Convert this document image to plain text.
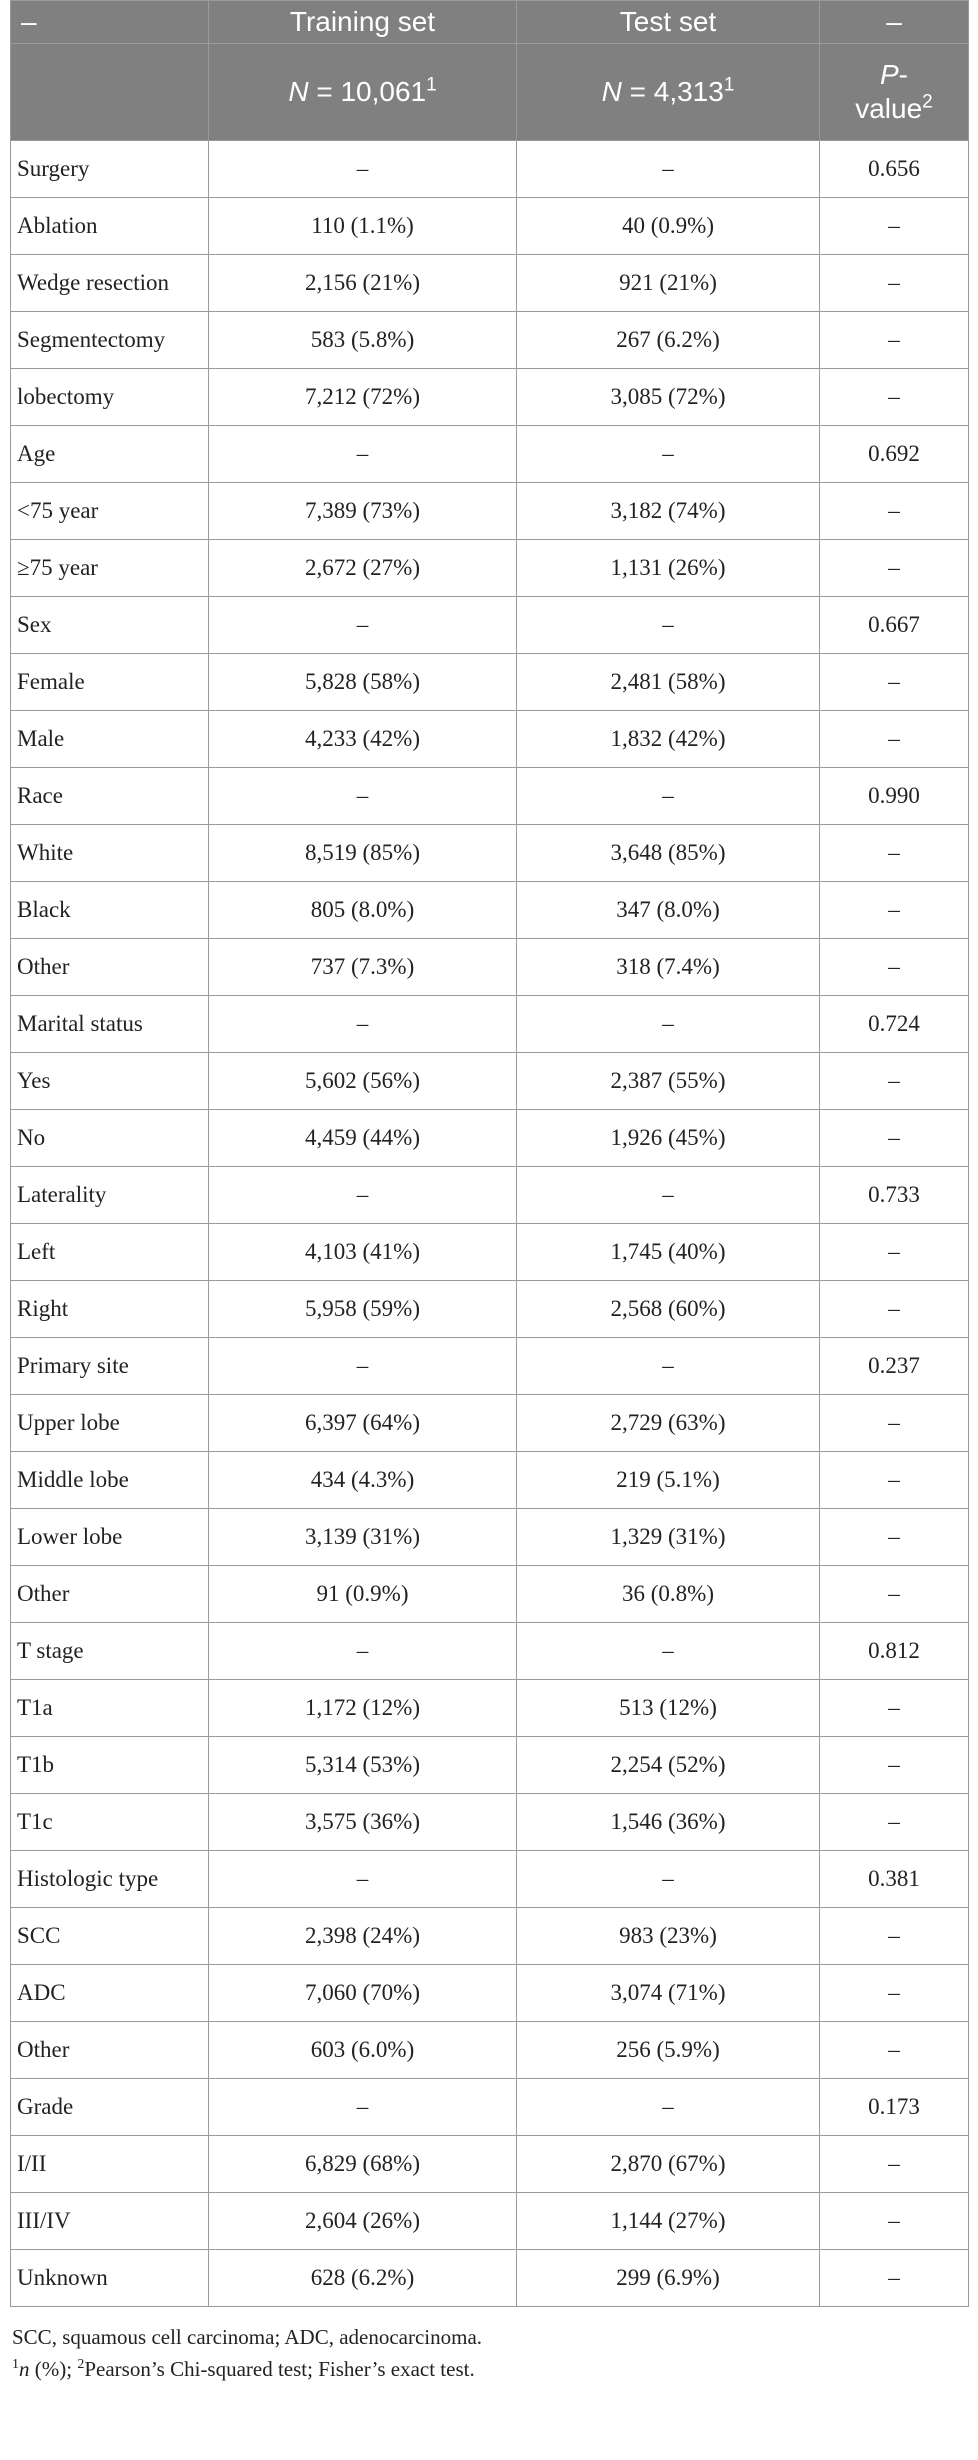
–	Training set	Test set	–
	$N = 10,061^1$	$N = 4,313^1$	P-
value$^2$
Surgery	–	–	0.656
Ablation	110 (1.1%)	40 (0.9%)	–
Wedge resection	2,156 (21%)	921 (21%)	–
Segmentectomy	583 (5.8%)	267 (6.2%)	–
lobectomy	7,212 (72%)	3,085 (72%)	–
Age	–	–	0.692
<75 year	7,389 (73%)	3,182 (74%)	–
≥75 year	2,672 (27%)	1,131 (26%)	–
Sex	–	–	0.667
Female	5,828 (58%)	2,481 (58%)	–
Male	4,233 (42%)	1,832 (42%)	–
Race	–	–	0.990
White	8,519 (85%)	3,648 (85%)	–
Black	805 (8.0%)	347 (8.0%)	–
Other	737 (7.3%)	318 (7.4%)	–
Marital status	–	–	0.724
Yes	5,602 (56%)	2,387 (55%)	–
No	4,459 (44%)	1,926 (45%)	–
Laterality	–	–	0.733
Left	4,103 (41%)	1,745 (40%)	–
Right	5,958 (59%)	2,568 (60%)	–
Primary site	–	–	0.237
Upper lobe	6,397 (64%)	2,729 (63%)	–
Middle lobe	434 (4.3%)	219 (5.1%)	–
Lower lobe	3,139 (31%)	1,329 (31%)	–
Other	91 (0.9%)	36 (0.8%)	–
T stage	–	–	0.812
T1a	1,172 (12%)	513 (12%)	–
T1b	5,314 (53%)	2,254 (52%)	–
T1c	3,575 (36%)	1,546 (36%)	–
Histologic type	–	–	0.381
SCC	2,398 (24%)	983 (23%)	–
ADC	7,060 (70%)	3,074 (71%)	–
Other	603 (6.0%)	256 (5.9%)	–
Grade	–	–	0.173
I/II	6,829 (68%)	2,870 (67%)	–
III/IV	2,604 (26%)	1,144 (27%)	–
Unknown	628 (6.2%)	299 (6.9%)	–
SCC, squamous cell carcinoma; ADC, adenocarcinoma.
$^1$n (%); $^2$Pearson’s Chi-squared test; Fisher’s exact test.
